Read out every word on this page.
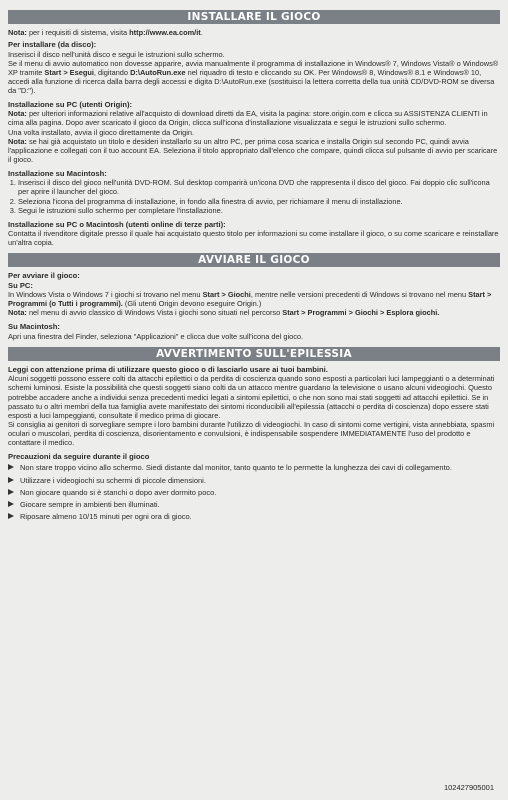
INSTALLARE IL GIOCO

Nota: per i requisiti di sistema, visita http://www.ea.com/it.

Per installare (da disco):

Inserisci il disco nell'unità disco e segui le istruzioni sullo schermo.

Se il menu di avvio automatico non dovesse apparire, avvia manualmente il programma di installazione in Windows® 7, Windows Vista® o Windows® XP tramite Start > Esegui, digitando D:\AutoRun.exe nel riquadro di testo e cliccando su OK. Per Windows® 8, Windows® 8.1 e Windows® 10, accedi alla funzione di ricerca dalla barra degli accessi e digita D:\AutoRun.exe (sostituisci la lettera corretta della tua unità CD/DVD-ROM se diversa da "D:").

Installazione su PC (utenti Origin):

Nota: per ulteriori informazioni relative all'acquisto di download diretti da EA, visita la pagina: store.origin.com e clicca su ASSISTENZA CLIENTI in cima alla pagina. Dopo aver scaricato il gioco da Origin, clicca sull'icona d'installazione visualizzata e segui le istruzioni sullo schermo.

Una volta installato, avvia il gioco direttamente da Origin.

Nota: se hai già acquistato un titolo e desideri installarlo su un altro PC, per prima cosa scarica e installa Origin sul secondo PC, quindi avvia l'applicazione e collegati con il tuo account EA. Seleziona il titolo appropriato dall'elenco che compare, quindi clicca sul pulsante di avvio per scaricare il gioco.

Installazione su Macintosh:

1. Inserisci il disco del gioco nell'unità DVD-ROM. Sul desktop comparirà un'icona DVD che rappresenta il disco del gioco. Fai doppio clic sull'icona per aprire il launcher del gioco.
2. Seleziona l'icona del programma di installazione, in fondo alla finestra di avvio, per richiamare il menu di installazione.
3. Segui le istruzioni sullo schermo per completare l'installazione.

Installazione su PC o Macintosh (utenti online di terze parti):

Contatta il rivenditore digitale presso il quale hai acquistato questo titolo per informazioni su come installare il gioco, o su come scaricare e reinstallare un'altra copia.

AVVIARE IL GIOCO

Per avviare il gioco:

Su PC:

In Windows Vista o Windows 7 i giochi si trovano nel menu Start > Giochi, mentre nelle versioni precedenti di Windows si trovano nel menu Start > Programmi (o Tutti i programmi). (Gli utenti Origin devono eseguire Origin.)

Nota: nel menu di avvio classico di Windows Vista i giochi sono situati nel percorso Start > Programmi > Giochi > Esplora giochi.

Su Macintosh:

Apri una finestra del Finder, seleziona "Applicazioni" e clicca due volte sull'icona del gioco.

AVVERTIMENTO SULL'EPILESSIA

Leggi con attenzione prima di utilizzare questo gioco o di lasciarlo usare ai tuoi bambini.

Alcuni soggetti possono essere colti da attacchi epilettici o da perdita di coscienza quando sono esposti a particolari luci lampeggianti o a determinati schemi luminosi. Esiste la possibilità che questi soggetti siano colti da un attacco mentre guardano la televisione o usano alcuni videogiochi. Questo potrebbe accadere anche a individui senza precedenti medici legati a sintomi epilettici, o che non sono mai stati soggetti ad attacchi epilettici. Se in passato tu o altri membri della tua famiglia avete manifestato dei sintomi riconducibili all'epilessia (attacchi o perdita di coscienza) dopo essere stati esposti a luci lampeggianti, consultate il medico prima di giocare.

Si consiglia ai genitori di sorvegliare sempre i loro bambini durante l'utilizzo di videogiochi. In caso di sintomi come vertigini, vista annebbiata, spasmi oculari o muscolari, perdita di coscienza, disorientamento e convulsioni, è indispensabile sospendere IMMEDIATAMENTE l'uso del prodotto e contattare il medico.

Precauzioni da seguire durante il gioco

Non stare troppo vicino allo schermo. Siedi distante dal monitor, tanto quanto te lo permette la lunghezza dei cavi di collegamento.
Utilizzare i videogiochi su schermi di piccole dimensioni.
Non giocare quando si è stanchi o dopo aver dormito poco.
Giocare sempre in ambienti ben illuminati.
Riposare almeno 10/15 minuti per ogni ora di gioco.
102427905001
